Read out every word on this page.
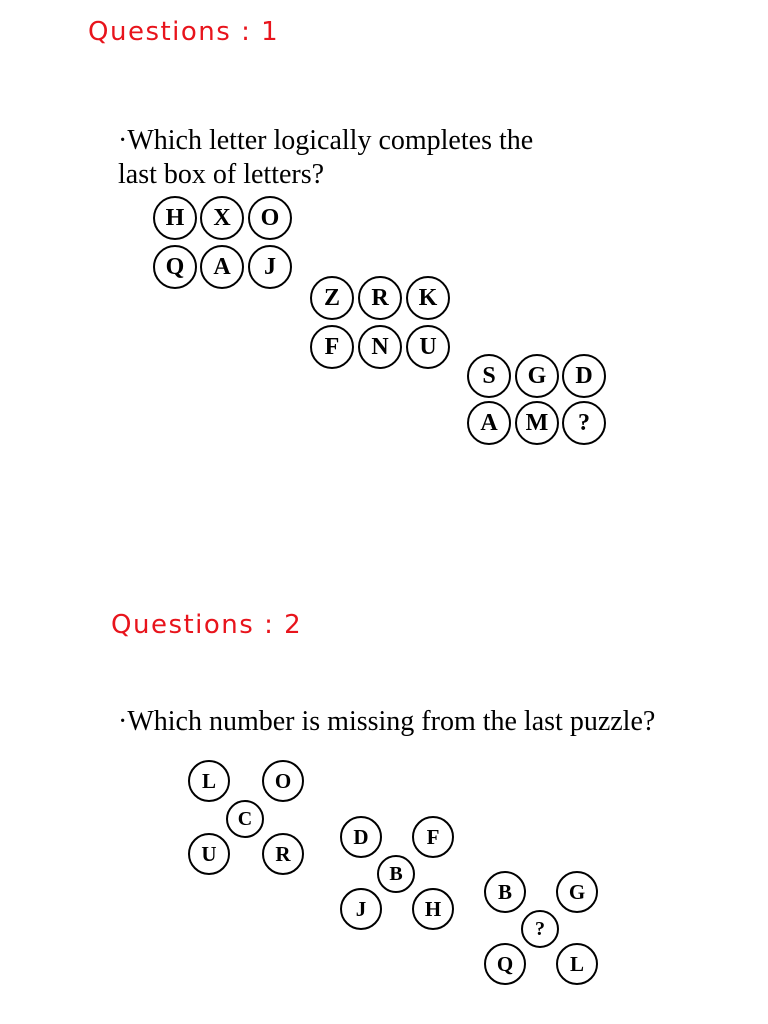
Questions : 1
·Which letter logically completes the
last box of letters?
H	X	O
Q	A	J
Z	R	K
F	N	U
S	G	D
A	M	?
Questions : 2
·Which number is missing from the last puzzle?
L	O
C
U	R
D	F
B
J	H
B	G
?
Q	L
